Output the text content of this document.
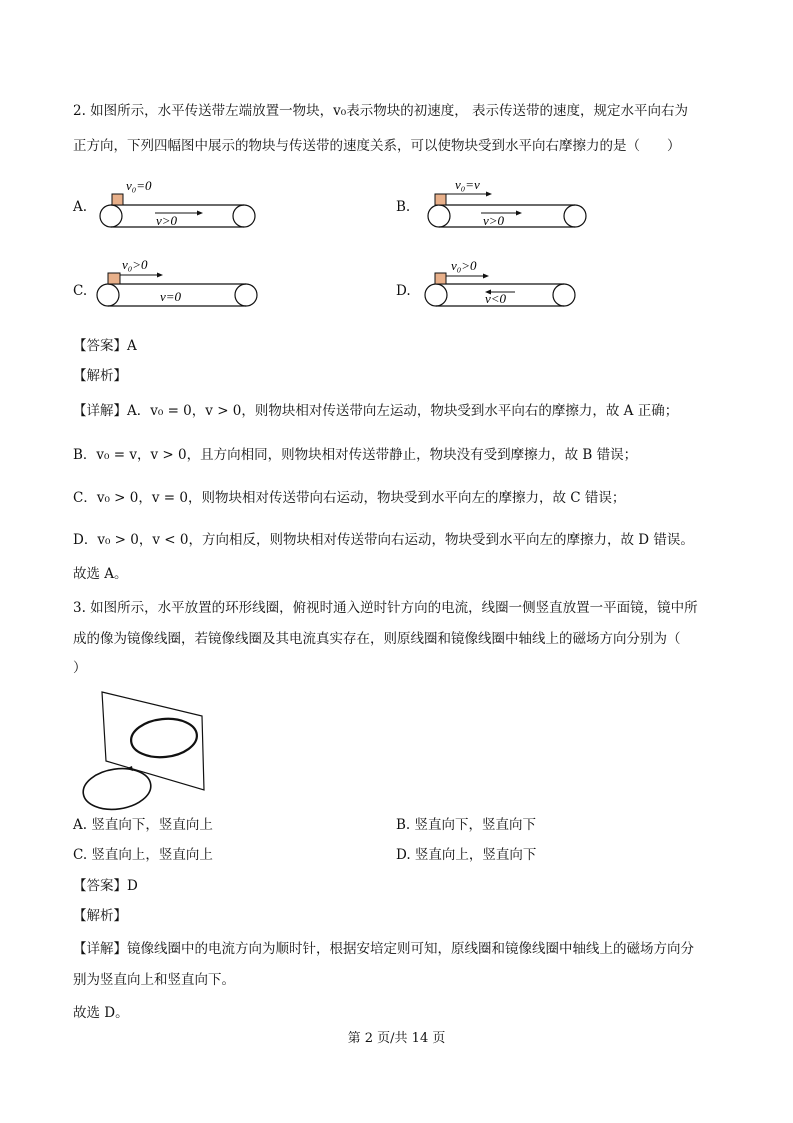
2. 如图所示，水平传送带左端放置一物块，v₀表示物块的初速度， 表示传送带的速度，规定水平向右为
正方向，下列四幅图中展示的物块与传送带的速度关系，可以使物块受到水平向右摩擦力的是（　　）
A.
v₀=0
v>0
B.
v₀=v
v>0
C.
v₀>0
v=0	D.
v₀>0
v<0
【答案】A
【解析】
【详解】A．v₀ = 0，v > 0，则物块相对传送带向左运动，物块受到水平向右的摩擦力，故 A 正确；
B．v₀ = v，v > 0，且方向相同，则物块相对传送带静止，物块没有受到摩擦力，故 B 错误；
C．v₀ > 0，v = 0，则物块相对传送带向右运动，物块受到水平向左的摩擦力，故 C 错误；
D．v₀ > 0，v < 0，方向相反，则物块相对传送带向右运动，物块受到水平向左的摩擦力，故 D 错误。
故选 A。
3. 如图所示，水平放置的环形线圈，俯视时通入逆时针方向的电流，线圈一侧竖直放置一平面镜，镜中所
成的像为镜像线圈，若镜像线圈及其电流真实存在，则原线圈和镜像线圈中轴线上的磁场方向分别为（
）
A. 竖直向下，竖直向上	B. 竖直向下，竖直向下
C. 竖直向上，竖直向上	D. 竖直向上，竖直向下
【答案】D
【解析】
【详解】镜像线圈中的电流方向为顺时针，根据安培定则可知，原线圈和镜像线圈中轴线上的磁场方向分
别为竖直向上和竖直向下。
故选 D。
第 2 页/共 14 页
